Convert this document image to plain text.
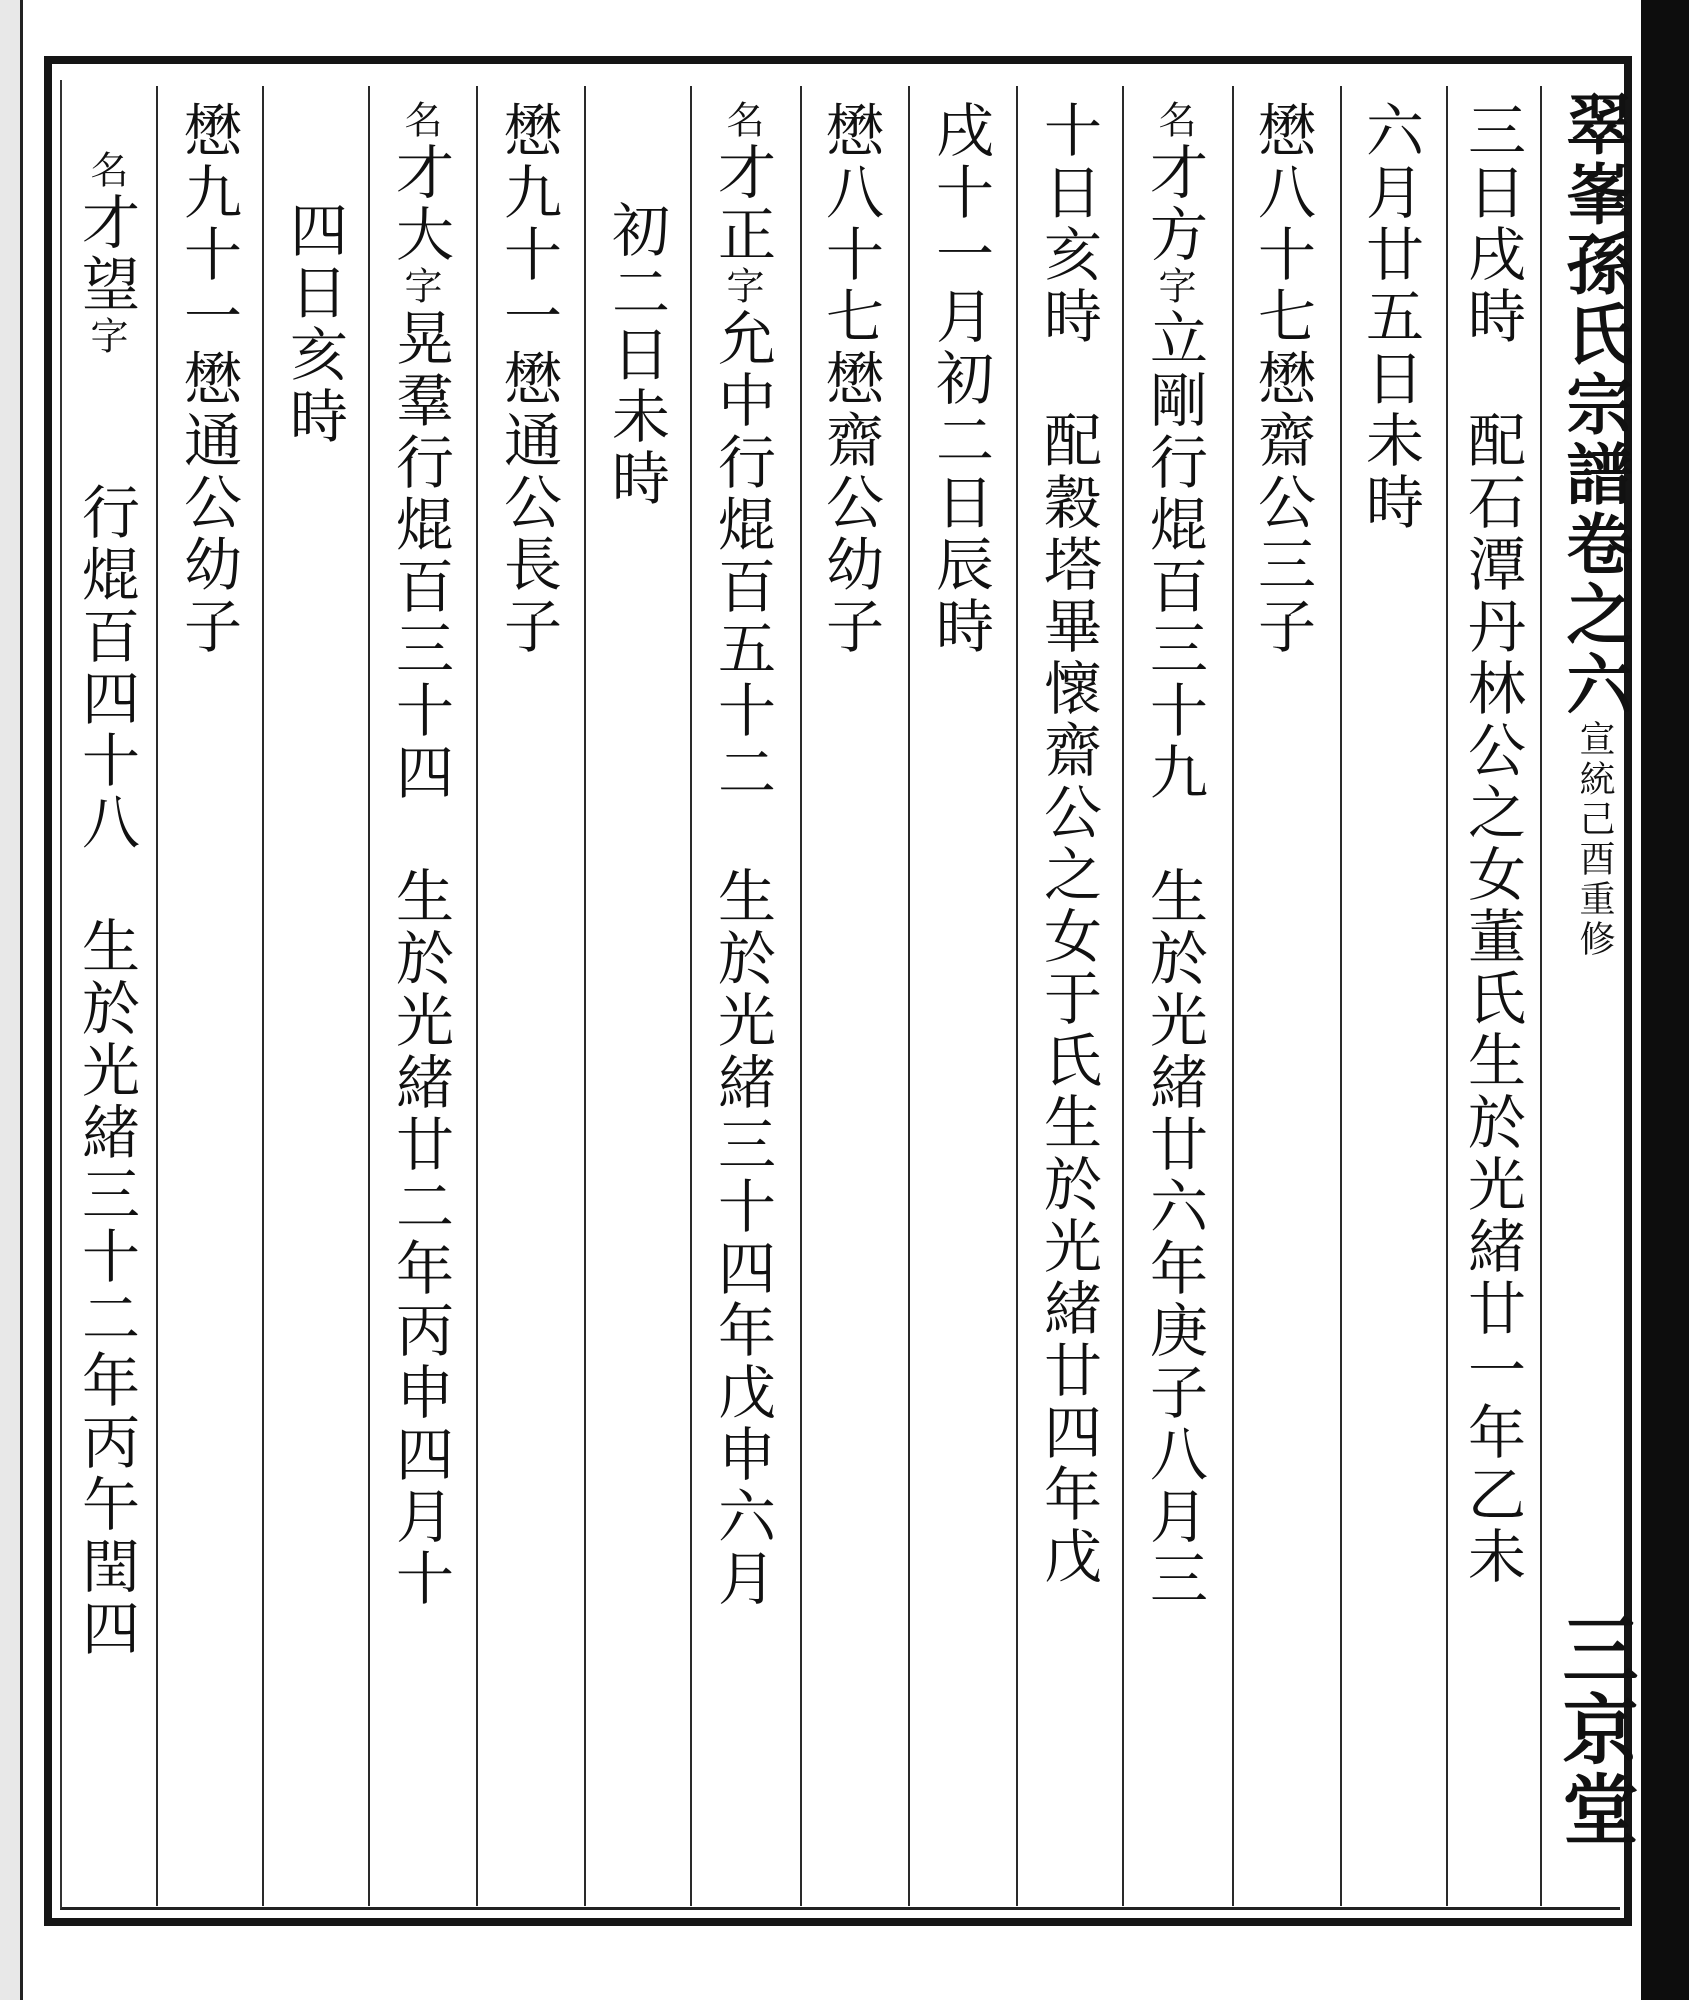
翠峯孫氏宗譜卷之六宣統己酉重修
三京堂
三日戌時　配石潭丹林公之女董氏生於光緒廿一年乙未
六月廿五日未時
懋八十七懋齋公三子
名才方字立剛行焜百三十九　生於光緒廿六年庚子八月三
十日亥時　配穀塔畢懷齋公之女于氏生於光緒廿四年戊
戌十一月初二日辰時
懋八十七懋齋公幼子
名才正字允中行焜百五十二　生於光緒三十四年戊申六月
初二日未時
懋九十一懋通公長子
名才大字晃羣行焜百三十四　生於光緒廿二年丙申四月十
四日亥時
懋九十一懋通公幼子
名才望字　　行焜百四十八　生於光緒三十二年丙午閏四
